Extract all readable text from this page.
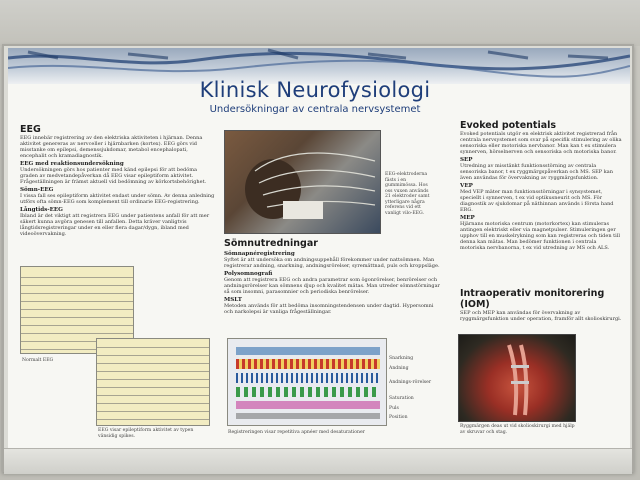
Klinisk Neurofysiologi
Undersökningar av centrala nervsystemet
EEG
EEG innebär registrering av den elektriska aktiviteten i hjärnan. Denna aktivitet genereras av nervceller i hjärnbarken (kortex). EEG görs vid misstanke om epilepsi, demenssjukdomar, metabol encephalopati, encephalit och kramadiagnostik.
EEG med reaktionsundersökning
Undersökningen görs hos patienter med känd epilepsi för att bedöma graden av medvetandepåverkan då EEG visar epileptiform aktivitet. Frågeställningen är främst aktuell vid bedömning av körkortsbehörighet.
Sömn-EEG
I vissa fall ses epileptiform aktivitet endast under sömn. Av denna anledning utförs ofta sömn-EEG som komplement till ordinarie EEG-registrering.
Långtids-EEG
Ibland är det viktigt att registrera EEG under patientens anfall för att mer säkert kunna avgöra genesen till anfallen. Detta kräver vanligtvis långtidsregistreringar under en eller flera dagar/dygn, ibland med videoövervakning.
Normalt EEG
EEG visar epileptiform aktivitet av typen vänsidig spikes.
EEG-elektroderna fästs i en gummimössa. Hos oss vuxen används 21 elektroder samt ytterligare några referens vid ett vanligt vilo-EEG.
Sömnutredningar
Sömnapnéregistrering
Syftet är att undersöka om andningsuppehåll förekommer under nattsömnen. Man registrerar andning, snarkning, andningsrörelser, syremättnad, puls och kroppsläge.
Polysomnografi
Genom att registrera EEG och andra parametrar som ögonrörelser, benrörelser och andningsrörelser kan sömnens djup och kvalitet mätas. Man utreder sömnstörningar så som insomni, parasomnier och periodiska benrörelser.
MSLT
Metoden används för att bedöma insomningstendensen under dagtid. Hypersomni och narkolepsi är vanliga frågeställningar.
Snarkning
Andning
Andnings-rörelser
Saturation
Puls
Position
Registreringen visar repetitiva apnéer med desaturationer
Evoked potentials
Evoked potentials utgör en elektrisk aktivitet registrerad från centrala nervsystemet som svar på specifik stimulering av olika sensoriska eller motoriska nervbanor. Man kan t ex stimulera synnerven, hörselnerven och sensoriska och motoriska banor.
SEP
Utredning av misstänkt funktionsstörning av centrala sensoriska banor, t ex ryggmärgspåverkan och MS. SEP kan även användas för övervakning av ryggmärgsfunktion.
VEP
Med VEP mäter man funktionsstörningar i synsystemet, speciellt i synnerven, t ex vid optikusneurit och MS. För diagnostik av sjukdomar på näthinnan används i första hand ERG.
MEP
Hjärnans motoriska centrum (motorkortex) kan stimuleras antingen elektriskt eller via magnetpulser. Stimuleringen ger upphov till en muskelrykning som kan registreras och tiden till denna kan mätas. Man bedömer funktionen i centrala motoriska nervbanorna, t ex vid utredning av MS och ALS.
Intraoperativ monitorering (IOM)
SEP och MEP kan användas för övervakning av ryggmärgsfunktion under operation, framför allt skolioskirurgi.
Ryggmärgen deas ut vid skolioskirurgi med hjälp av skruvar och stag.
